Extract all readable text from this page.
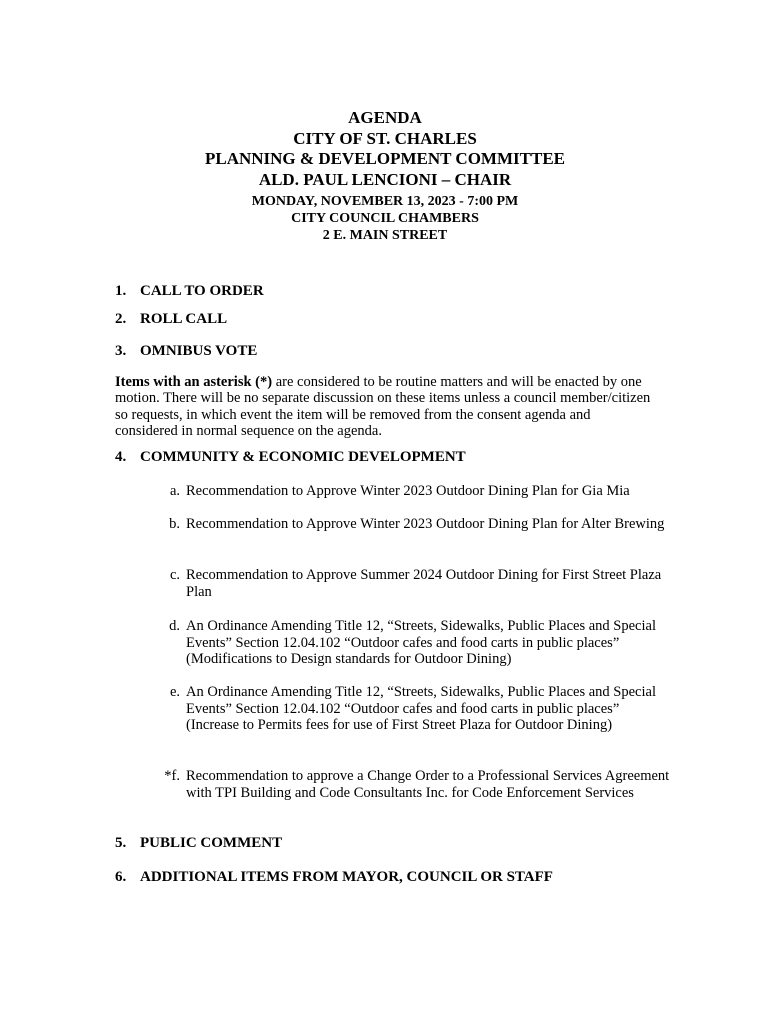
AGENDA
CITY OF ST. CHARLES
PLANNING & DEVELOPMENT COMMITTEE
ALD. PAUL LENCIONI – CHAIR
MONDAY, NOVEMBER 13, 2023 - 7:00 PM
CITY COUNCIL CHAMBERS
2 E. MAIN STREET
1. CALL TO ORDER
2. ROLL CALL
3. OMNIBUS VOTE
Items with an asterisk (*) are considered to be routine matters and will be enacted by one motion. There will be no separate discussion on these items unless a council member/citizen so requests, in which event the item will be removed from the consent agenda and considered in normal sequence on the agenda.
4. COMMUNITY & ECONOMIC DEVELOPMENT
a. Recommendation to Approve Winter 2023 Outdoor Dining Plan for Gia Mia
b. Recommendation to Approve Winter 2023 Outdoor Dining Plan for Alter Brewing
c. Recommendation to Approve Summer 2024 Outdoor Dining for First Street Plaza Plan
d. An Ordinance Amending Title 12, “Streets, Sidewalks, Public Places and Special Events” Section 12.04.102 “Outdoor cafes and food carts in public places” (Modifications to Design standards for Outdoor Dining)
e. An Ordinance Amending Title 12, “Streets, Sidewalks, Public Places and Special Events” Section 12.04.102 “Outdoor cafes and food carts in public places” (Increase to Permits fees for use of First Street Plaza for Outdoor Dining)
*f. Recommendation to approve a Change Order to a Professional Services Agreement with TPI Building and Code Consultants Inc. for Code Enforcement Services
5. PUBLIC COMMENT
6. ADDITIONAL ITEMS FROM MAYOR, COUNCIL OR STAFF
